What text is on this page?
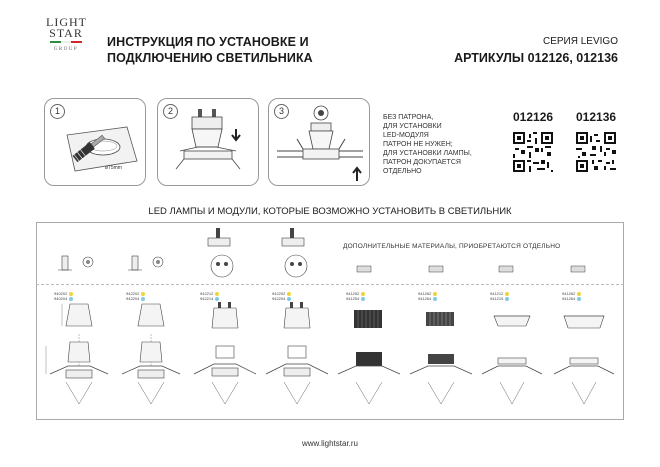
LIGHT
STAR
GROUP
ИНСТРУКЦИЯ ПО УСТАНОВКЕ И
ПОДКЛЮЧЕНИЮ СВЕТИЛЬНИКА
СЕРИЯ LEVIGO
АРТИКУЛЫ 012126, 012136
1
ø75mm
2	3
БЕЗ ПАТРОНА,
ДЛЯ УСТАНОВКИ
LED-МОДУЛЯ
ПАТРОН НЕ НУЖЕН;
ДЛЯ УСТАНОВКИ ЛАМПЫ,
ПАТРОН ДОКУПАЕТСЯ
ОТДЕЛЬНО
012126 012136
LED ЛАМПЫ И МОДУЛИ, КОТОРЫЕ ВОЗМОЖНО УСТАНОВИТЬ В СВЕТИЛЬНИК
ДОПОЛНИТЕЛЬНЫЕ МАТЕРИАЛЫ, ПРИОБРЕТАЮТСЯ ОТДЕЛЬНО
940202
940204
942202
942204
942212
942214
942202
942204
941252
941254
941262
941264
941212
941215
941262
941264
www.lightstar.ru
